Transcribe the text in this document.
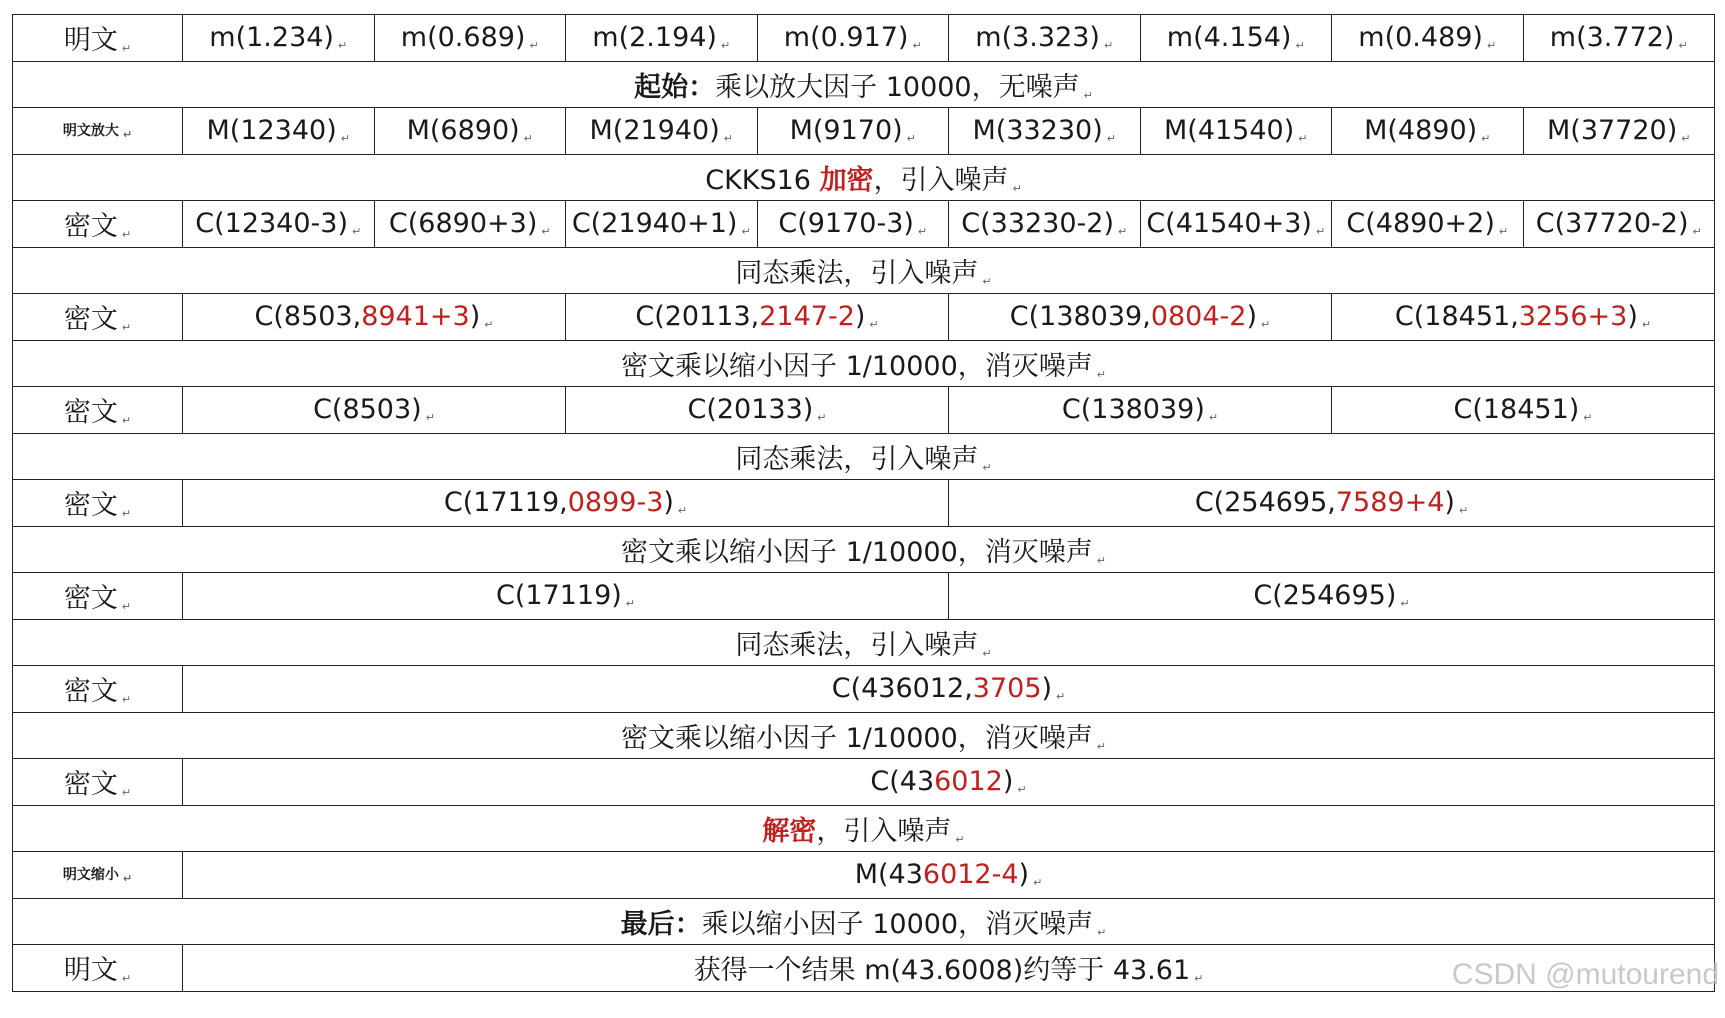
明文 ↵	m(1.234) ↵	m(0.689) ↵	m(2.194) ↵	m(0.917) ↵	m(3.323) ↵	m(4.154) ↵	m(0.489) ↵	m(3.772) ↵
起始：乘以放大因子 10000，无噪声 ↵
明文放大 ↵	M(12340) ↵	M(6890) ↵	M(21940) ↵	M(9170) ↵	M(33230) ↵	M(41540) ↵	M(4890) ↵	M(37720) ↵
CKKS16 加密，引入噪声 ↵
密文 ↵	C(12340-3) ↵	C(6890+3) ↵	C(21940+1) ↵	C(9170-3) ↵	C(33230-2) ↵	C(41540+3) ↵	C(4890+2) ↵	C(37720-2) ↵
同态乘法，引入噪声 ↵
密文 ↵	C(8503,8941+3) ↵		C(20113,2147-2) ↵		C(138039,0804-2) ↵		C(18451,3256+3) ↵
密文乘以缩小因子 1/10000，消灭噪声 ↵
密文 ↵	C(8503) ↵		C(20133) ↵		C(138039) ↵		C(18451) ↵
同态乘法，引入噪声 ↵
密文 ↵	C(17119,0899-3) ↵				C(254695,7589+4) ↵
密文乘以缩小因子 1/10000，消灭噪声 ↵
密文 ↵	C(17119) ↵				C(254695) ↵
同态乘法，引入噪声 ↵
密文 ↵	C(436012,3705) ↵
密文乘以缩小因子 1/10000，消灭噪声 ↵
密文 ↵	C(436012) ↵
解密，引入噪声 ↵
明文缩小 ↵	M(436012-4) ↵
最后：乘以缩小因子 10000，消灭噪声 ↵
明文 ↵	获得一个结果 m(43.6008)约等于 43.61 ↵	CSDN @mutourend
